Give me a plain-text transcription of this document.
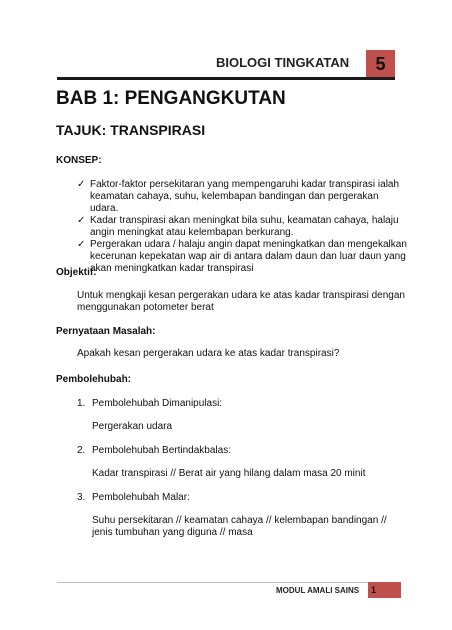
BIOLOGI TINGKATAN	5
BAB 1: PENGANGKUTAN
TAJUK: TRANSPIRASI
KONSEP:
✓ Faktor-faktor persekitaran yang mempengaruhi kadar transpirasi ialah keamatan cahaya, suhu, kelembapan bandingan dan pergerakan udara.
✓ Kadar transpirasi akan meningkat bila suhu, keamatan cahaya, halaju angin meningkat atau kelembapan berkurang.
✓ Pergerakan udara / halaju angin dapat meningkatkan dan mengekalkan kecerunan kepekatan wap air di antara dalam daun dan luar daun yang akan meningkatkan kadar transpirasi
Objektif:
Untuk mengkaji kesan pergerakan udara ke atas kadar transpirasi dengan menggunakan potometer berat
Pernyataan Masalah:
Apakah kesan pergerakan udara ke atas kadar transpirasi?
Pembolehubah:
1. Pembolehubah Dimanipulasi:
Pergerakan udara
2. Pembolehubah Bertindakbalas:
Kadar transpirasi // Berat air yang hilang dalam masa 20 minit
3. Pembolehubah Malar:
Suhu persekitaran // keamatan cahaya // kelembapan bandingan // jenis tumbuhan yang diguna // masa
MODUL AMALI SAINS 1
